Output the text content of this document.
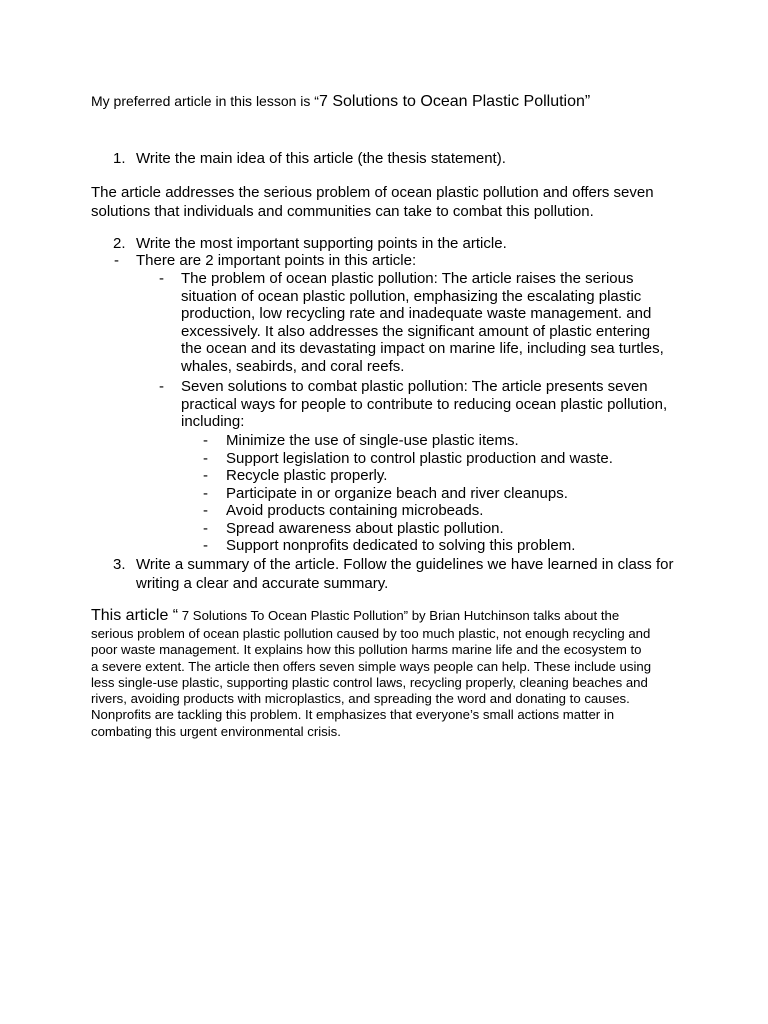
My preferred article in this lesson is “7 Solutions to Ocean Plastic Pollution”
1. Write the main idea of this article (the thesis statement).
The article addresses the serious problem of ocean plastic pollution and offers seven
solutions that individuals and communities can take to combat this pollution.
2. Write the most important supporting points in the article.
- There are 2 important points in this article:
- The problem of ocean plastic pollution: The article raises the serious
situation of ocean plastic pollution, emphasizing the escalating plastic
production, low recycling rate and inadequate waste management. and
excessively. It also addresses the significant amount of plastic entering
the ocean and its devastating impact on marine life, including sea turtles,
whales, seabirds, and coral reefs.
- Seven solutions to combat plastic pollution: The article presents seven
practical ways for people to contribute to reducing ocean plastic pollution,
including:
-
-
-
-
-
-
-
Minimize the use of single-use plastic items.
Support legislation to control plastic production and waste.
Recycle plastic properly.
Participate in or organize beach and river cleanups.
Avoid products containing microbeads.
Spread awareness about plastic pollution.
Support nonprofits dedicated to solving this problem.
3. Write a summary of the article. Follow the guidelines we have learned in class for
writing a clear and accurate summary.
This article “ 7 Solutions To Ocean Plastic Pollution” by Brian Hutchinson talks about the
serious problem of ocean plastic pollution caused by too much plastic, not enough recycling and
poor waste management. It explains how this pollution harms marine life and the ecosystem to
a severe extent. The article then offers seven simple ways people can help. These include using
less single-use plastic, supporting plastic control laws, recycling properly, cleaning beaches and
rivers, avoiding products with microplastics, and spreading the word and donating to causes.
Nonprofits are tackling this problem. It emphasizes that everyone’s small actions matter in
combating this urgent environmental crisis.
